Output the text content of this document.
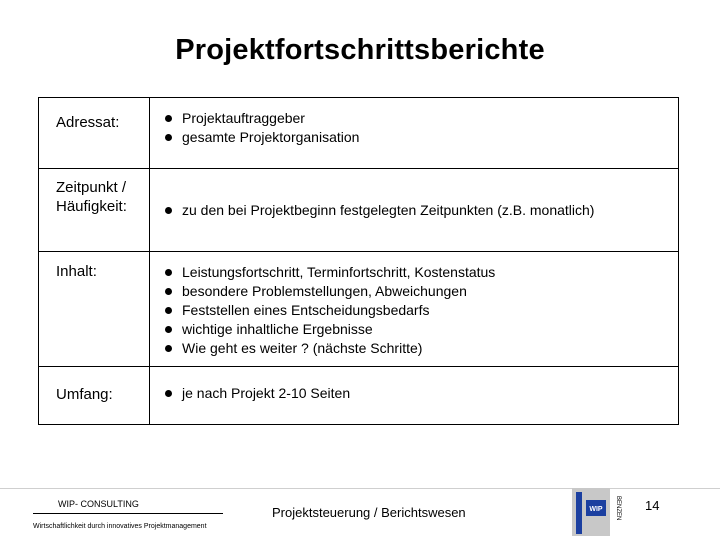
Projektfortschrittsberichte
Adressat:	Projektauftraggeber
gesamte Projektorganisation
Zeitpunkt /
Häufigkeit:	zu den bei Projektbeginn festgelegten Zeitpunkten (z.B. monatlich)
Inhalt:	Leistungsfortschritt, Terminfortschritt, Kostenstatus
besondere Problemstellungen, Abweichungen
Feststellen eines Entscheidungsbedarfs
wichtige inhaltliche Ergebnisse
Wie geht es weiter ? (nächste Schritte)
Umfang:	je nach Projekt 2-10 Seiten
WIP- CONSULTING
Wirtschaftlichkeit durch innovatives Projektmanagement
Projektsteuerung / Berichtswesen	WIP BENZEN 14
